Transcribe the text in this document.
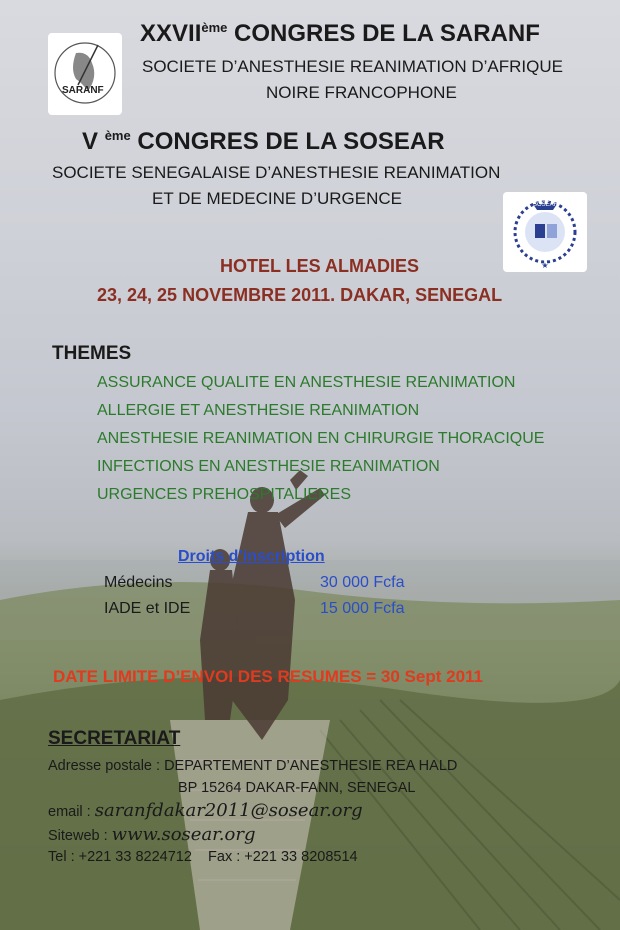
SARANF
XXVIIème CONGRES DE LA SARANF
SOCIETE D’ANESTHESIE REANIMATION D’AFRIQUE
NOIRE FRANCOPHONE
V $^{ème}$ CONGRES DE LA SOSEAR
SOCIETE SENEGALAISE D’ANESTHESIE REANIMATION
ET DE MEDECINE D’URGENCE
★
SOSEAR
HOTEL LES ALMADIES
23, 24, 25 NOVEMBRE 2011. DAKAR, SENEGAL
THEMES
ASSURANCE QUALITE EN ANESTHESIE REANIMATION
ALLERGIE ET ANESTHESIE REANIMATION
ANESTHESIE REANIMATION EN CHIRURGIE THORACIQUE
INFECTIONS EN ANESTHESIE REANIMATION
URGENCES PREHOSPITALIERES
Droits d’inscription
Médecins	30 000 Fcfa
IADE et IDE	15 000 Fcfa
DATE LIMITE D’ENVOI DES RESUMES = 30 Sept 2011
SECRETARIAT
Adresse postale : DEPARTEMENT D’ANESTHESIE REA HALD
BP 15264 DAKAR-FANN, SENEGAL
email : saranfdakar2011@sosear.org
Siteweb : www.sosear.org
Tel : +221 33 8224712    Fax : +221 33 8208514
